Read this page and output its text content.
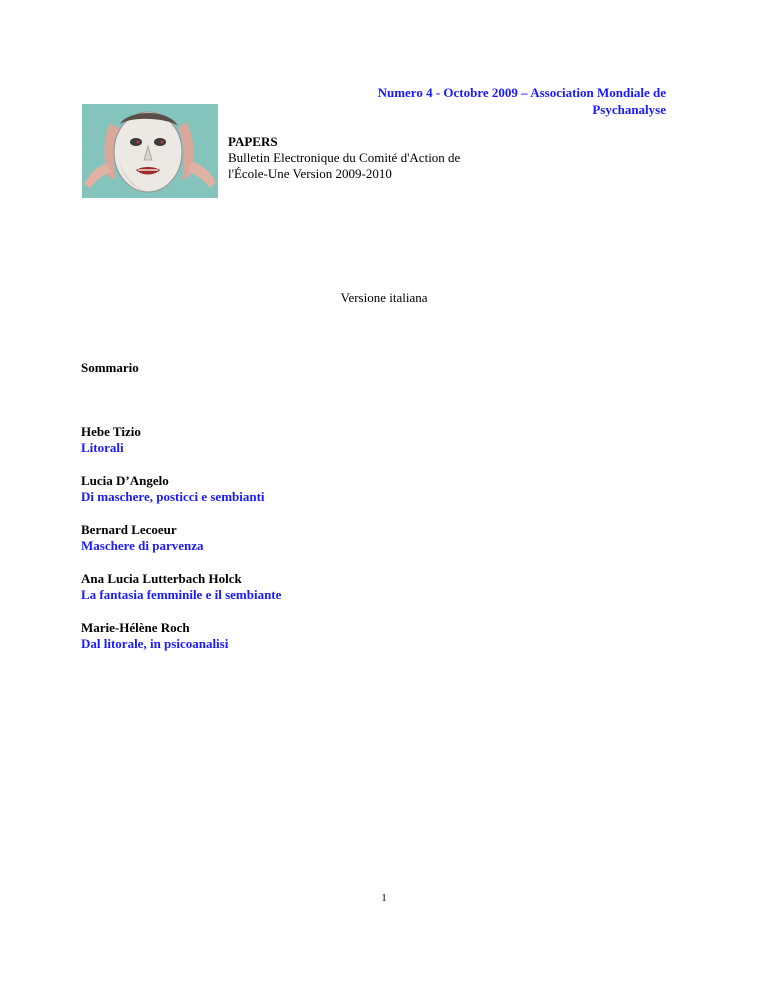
Numero 4 - Octobre 2009 – Association Mondiale de
Psychanalyse
PAPERS
Bulletin Electronique du Comité d'Action de
l'École-Une Version 2009-2010
Versione italiana
Sommario
Hebe Tizio
Litorali
Lucia D’Angelo
Di maschere, posticci e sembianti
Bernard Lecoeur
Maschere di parvenza
Ana Lucia Lutterbach Holck
La fantasia femminile e il sembiante
Marie-Hélène Roch
Dal litorale, in psicoanalisi
1
